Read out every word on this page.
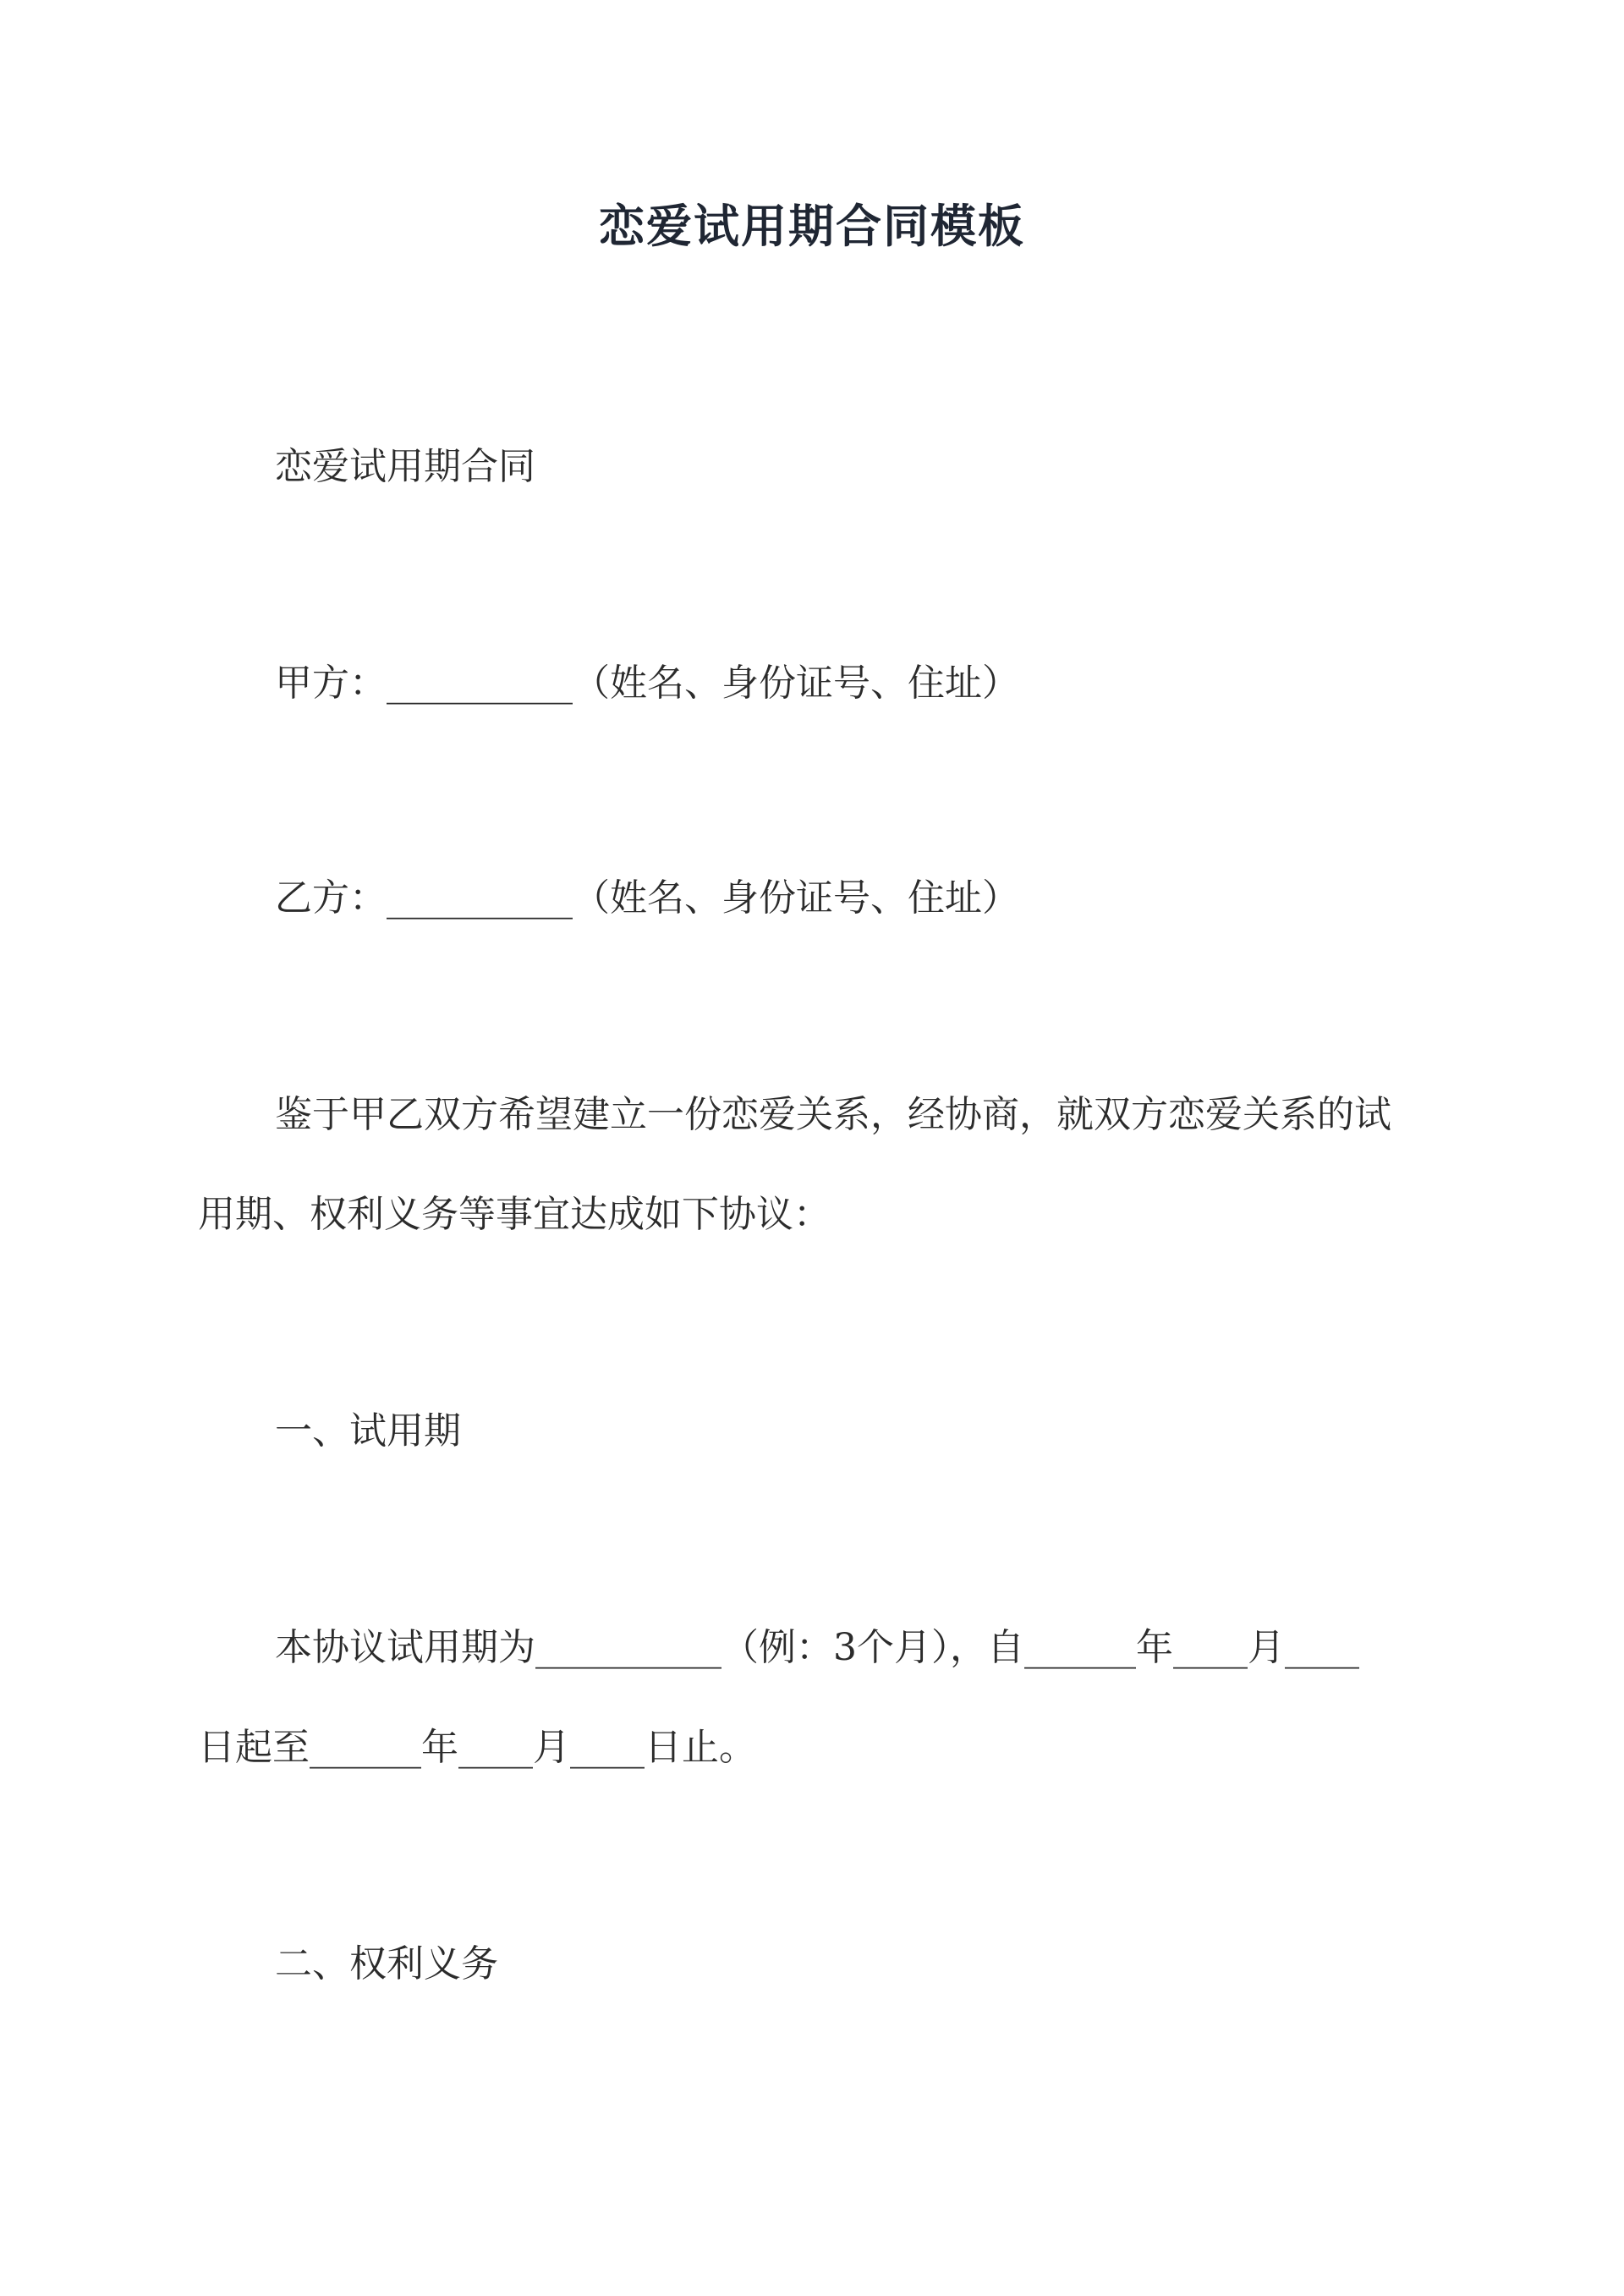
恋爱试用期合同模板

恋爱试用期合同

甲方：__________（姓名、身份证号、住址）

乙方：__________（姓名、身份证号、住址）

鉴于甲乙双方希望建立一份恋爱关系，经协商，就双方恋爱关系的试

用期、权利义务等事宜达成如下协议：

一、试用期

本协议试用期为__________（例：3个月），自______年____月____

日起至______年____月____日止。

二、权利义务
